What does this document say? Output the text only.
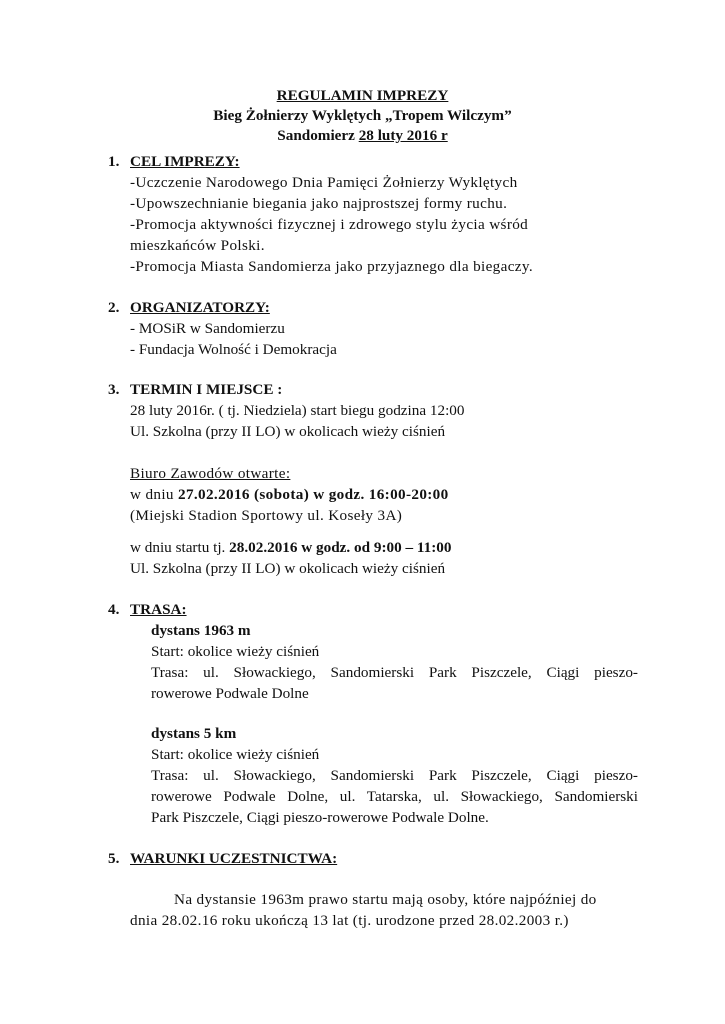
REGULAMIN IMPREZY
Bieg Żołnierzy Wyklętych „Tropem Wilczym”
Sandomierz 28 luty 2016 r
1. CEL IMPREZY:
-Uczczenie Narodowego Dnia Pamięci Żołnierzy Wyklętych
-Upowszechnianie biegania jako najprostszej formy ruchu.
-Promocja aktywności fizycznej i zdrowego stylu życia wśród
mieszkańców Polski.
-Promocja Miasta Sandomierza jako przyjaznego dla biegaczy.
2. ORGANIZATORZY:
- MOSiR w Sandomierzu
- Fundacja Wolność i Demokracja
3. TERMIN I MIEJSCE :
28 luty 2016r. ( tj. Niedziela) start biegu godzina 12:00
Ul. Szkolna (przy II LO) w okolicach wieży ciśnień
Biuro Zawodów otwarte:
w dniu 27.02.2016 (sobota) w godz. 16:00-20:00
(Miejski Stadion Sportowy ul. Koseły 3A)
w dniu startu tj. 28.02.2016 w godz. od 9:00 – 11:00
Ul. Szkolna (przy II LO) w okolicach wieży ciśnień
4. TRASA:
dystans 1963 m
Start: okolice wieży ciśnień
Trasa: ul. Słowackiego, Sandomierski Park Piszczele, Ciągi pieszo-
rowerowe Podwale Dolne
dystans 5 km
Start: okolice wieży ciśnień
Trasa: ul. Słowackiego, Sandomierski Park Piszczele, Ciągi pieszo-
rowerowe Podwale Dolne, ul. Tatarska, ul. Słowackiego, Sandomierski
Park Piszczele, Ciągi pieszo-rowerowe Podwale Dolne.
5. WARUNKI UCZESTNICTWA:
Na dystansie 1963m prawo startu mają osoby, które najpóźniej do
dnia 28.02.16 roku ukończą 13 lat (tj. urodzone przed 28.02.2003 r.)
